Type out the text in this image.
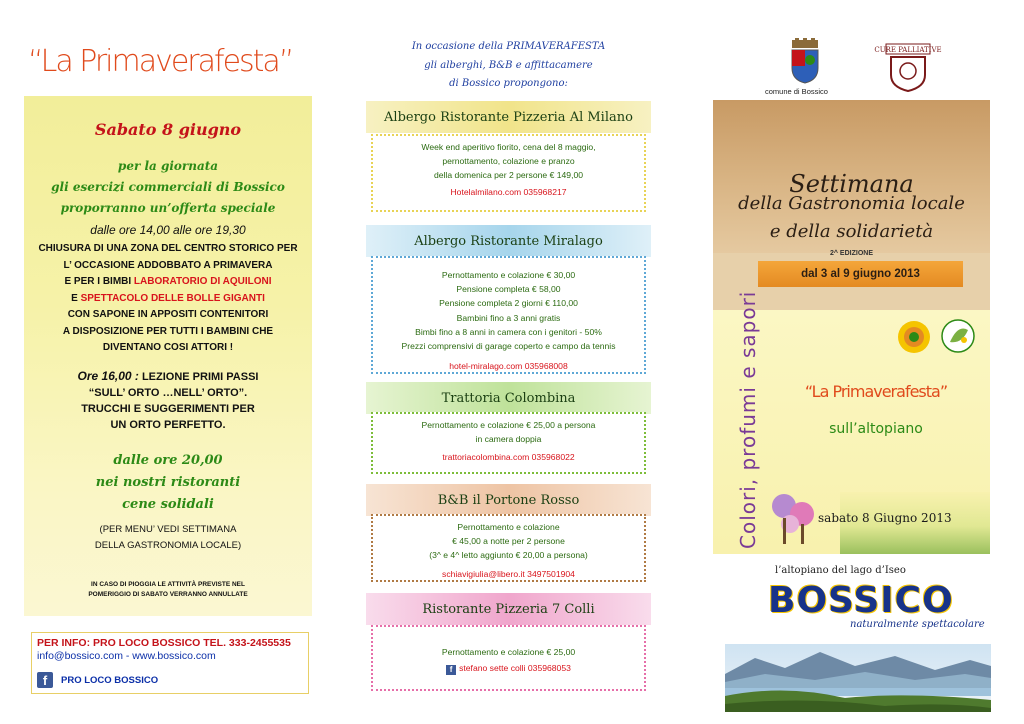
“La Primaverafesta”
Sabato 8 giugno
per la giornata
gli esercizi commerciali di Bossico
proporranno un’offerta speciale
dalle ore 14,00 alle ore 19,30
CHIUSURA DI UNA ZONA DEL CENTRO STORICO PER
L’ OCCASIONE ADDOBBATO A PRIMAVERA
E PER I BIMBI LABORATORIO DI AQUILONI
E SPETTACOLO DELLE BOLLE GIGANTI
CON SAPONE IN APPOSITI CONTENITORI
A DISPOSIZIONE PER TUTTI I BAMBINI CHE
DIVENTANO COSI ATTORI !
Ore 16,00 : LEZIONE PRIMI PASSI
“SULL’ ORTO …NELL’ ORTO”.
TRUCCHI E SUGGERIMENTI PER
UN ORTO PERFETTO.
dalle ore 20,00
nei nostri ristoranti
cene solidali
(PER MENU’ VEDI SETTIMANA
DELLA GASTRONOMIA LOCALE)
IN CASO DI PIOGGIA LE ATTIVITÀ PREVISTE NEL
POMERIGGIO DI SABATO VERRANNO ANNULLATE
PER INFO: PRO LOCO BOSSICO TEL. 333-2455535
info@bossico.com - www.bossico.com
f	PRO LOCO BOSSICO
In occasione della PRIMAVERAFESTA
gli alberghi, B&B e affittacamere
di Bossico propongono:
Albergo Ristorante Pizzeria Al Milano
Week end aperitivo fiorito, cena del 8 maggio,
pernottamento, colazione e pranzo
della domenica per 2 persone € 149,00
Hotelalmilano.com 035968217
Albergo Ristorante Miralago
Pernottamento e colazione € 30,00
Pensione completa € 58,00
Pensione completa 2 giorni € 110,00
Bambini fino a 3 anni gratis
Bimbi fino a 8 anni in camera con i genitori - 50%
Prezzi comprensivi di garage coperto e campo da tennis
hotel-miralago.com 035968008
Trattoria Colombina
Pernottamento e colazione € 25,00 a persona
in camera doppia
trattoriacolombina.com 035968022
B&B il Portone Rosso
Pernottamento e colazione
€ 45,00 a notte per 2 persone
(3^ e 4^ letto aggiunto € 20,00 a persona)
schiavigiulia@libero.it 3497501904
Ristorante Pizzeria 7 Colli
Pernottamento e colazione € 25,00
f stefano sette colli 035968053
comune di Bossico
CURE PALLIATIVE
Settimana
della Gastronomia locale
e della solidarietà
2^ EDIZIONE
dal 3 al 9 giugno 2013
Colori, profumi e sapori	“La Primaverafesta”
sull’altopiano
sabato 8 Giugno 2013
l’altopiano del lago d’Iseo
BOSSICO
naturalmente spettacolare
